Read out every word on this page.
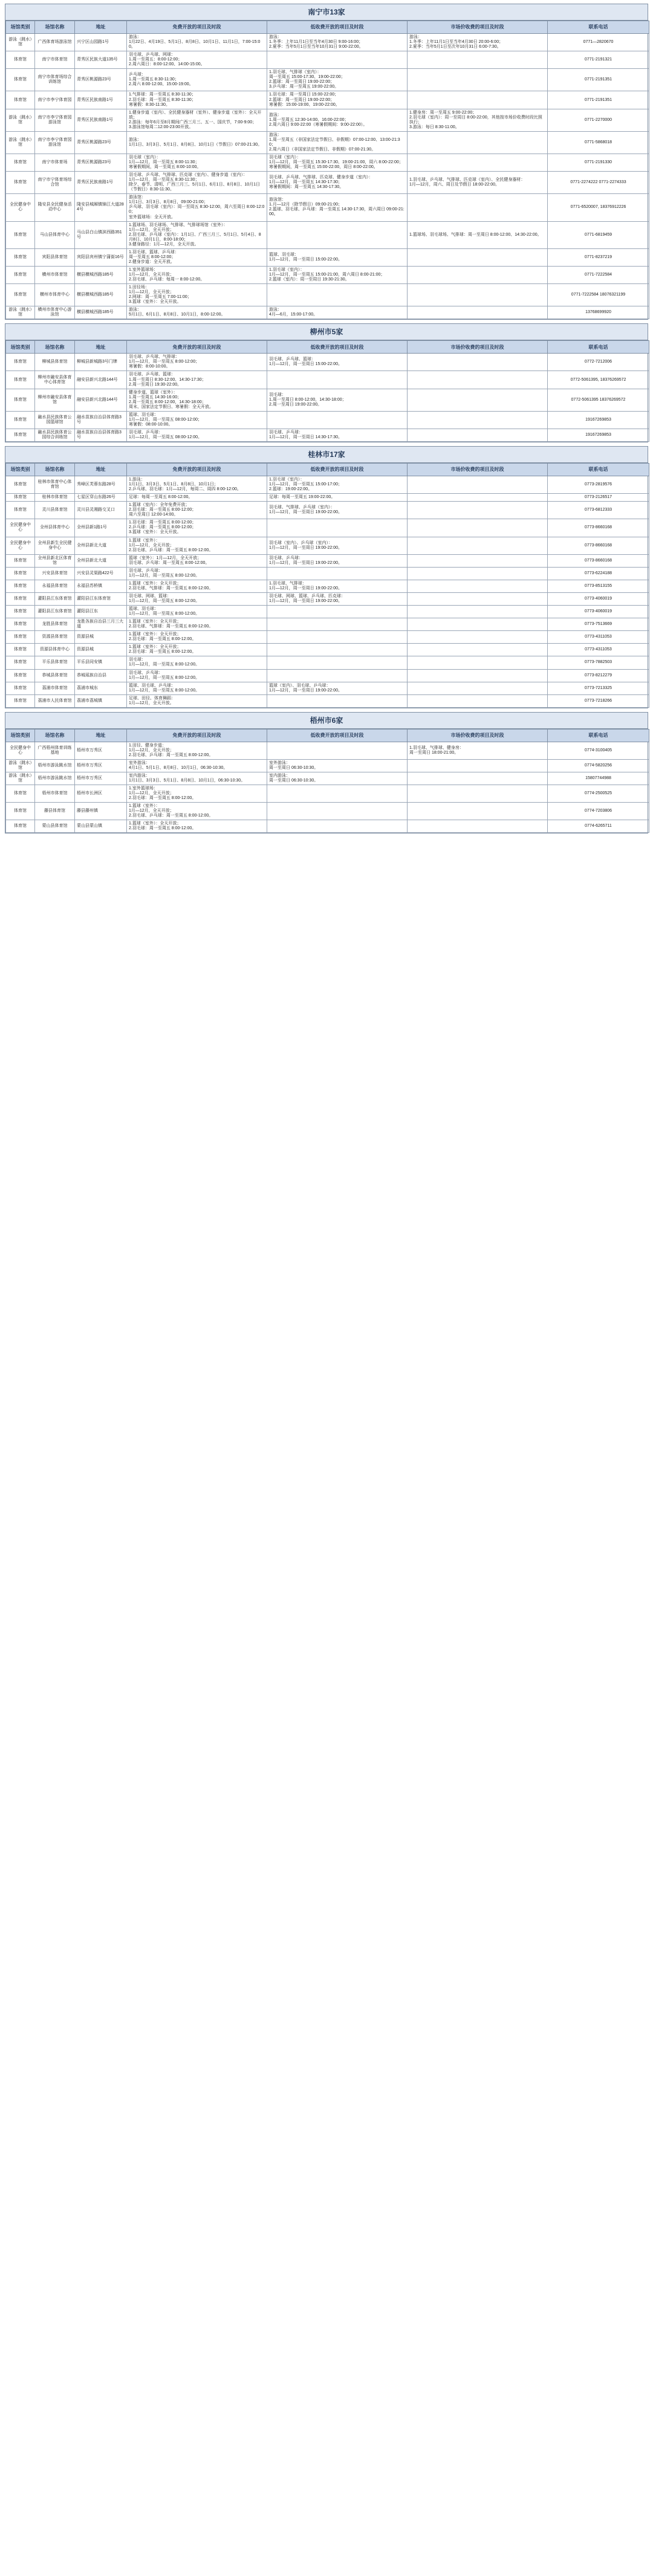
南宁市13家
场馆类别	场馆名称	地址	免费开放的项目及时段	低收费开放的项目及时段	市场价收费的项目及时段	联系电话
游泳（跳水）馆	广西体育场游泳馆	兴宁区山园路1号	游泳：
1月22日、4月19日、5月1日、8月8日、10月1日、11月1日，7:00-15:00。	游泳：
1.冬季：上年11月1日至当年4月30日 9:00-16:00；
2.夏季：当年5月1日至当年10月31日 9:00-22:00。	游泳：
1.冬季：上年11月1日至当年4月30日 20:00-6:00；
2.夏季：当年5月1日至次年10月31日 6:00-7:30。	0771—2820670
体育馆	南宁市体育馆	青秀区民族大道135号	羽毛球、乒乓球、网球：
1.周一至周五：8:00-12:00；
2.周六周日：8:00-12:00、14:00-15:00。			0771-2191321
体育馆	南宁市体育场综合训练馆	青秀区桃源路23号	乒乓球：
1.周一至周五 8:30-11:30；
2.周六 8:00-12:00、15:00-19:00。	1.羽毛球、气排球（室内）：
周一至周五 15:00-17:30、19:00-22:00；
2.篮球：周一至周日 19:00-22:00；
3.乒乓球：周一至周五 19:00-22:00。		0771-2191351
体育馆	南宁市李宁体育园	青秀区民族南路1号	1.气排球：周一至周五 8:30-11:30；
2.羽毛球：周一至周五 8:30-11:30；
寒暑假：8:30-11:30。	1.羽毛球：周一至周日 15:00-22:00；
2.篮球：周一至周日 19:00-22:00；
寒暑假：15:00-19:00、19:00-22:00。		0771-2191351
游泳（跳水）馆	南宁市李宁体育园游泳馆	青秀区民族南路1号	1.健身步道（室内）、全民健身器材（室外）、健身步道（室外）：全天开放；
2.游泳：每年6月至8月期间广西三月三、五一、国庆节，7:00-9:00；
3.游泳馆每周二12:00-23:00开放。	游泳：
1.周一至周五 12:30-14:00、16:00-22:00；
2.周六周日 9:00-22:00（寒暑假期间：9:00-22:00）。	1.健身房：周一至周五 9:00-22:00；
2.羽毛球（室内）：周一至周日 8:00-22:00，其他按市场价收费时段比照执行；
3.游泳：每日 8:30-11:00。	0771-2270000
游泳（跳水）馆	南宁市李宁体育园游泳馆	青秀区桃源路23号	游泳：
1月1日、3月3日、5月1日、8月8日、10月1日（节假日）07:00-21:30。	游泳：
1.周一至周五（非国家法定节假日、非假期）07:00-12:00、13:00-21:30；
2.周六周日（非国家法定节假日、非假期）07:00-21:30。		0771-5868018
体育馆	南宁市体育场	青秀区桃源路23号	羽毛球（室内）：
1月—12月，周一至周五 8:00-11:30；
寒暑假期间，周一至周五 8:00-10:00。	羽毛球（室内）：
1月—12月，周一至周五 15:30-17:30、19:00-21:00，周六 8:00-22:00；
寒暑假期间，周一至周五 15:00-22:00，周日 8:00-22:00。		0771-2191330
体育馆	南宁市宁体育场综合馆	青秀区民族南路1号	羽毛球、乒乓球、气排球、匹克球（室内）、健身步道（室内）：
1月—12月，周一至周五 8:30-11:30；
除夕、春节、清明、广西三月三、5月1日、6月1日、8月8日、10月1日（节假日）8:30-11:30。	羽毛球、乒乓球、气排球、匹克球、健身步道（室内）：
1月—12月，周一至周五 14:30-17:30；
寒暑假期间：周一至周五 14:30-17:30。	1.羽毛球、乒乓球、气排球、匹克球（室内）、全民健身器材：
1月—12月，周六、周日及节假日 18:00-22:00。	0771-2274222 0771-2274333
全民健身中心	隆安县全民健身活动中心	隆安县城厢镇锦江大道284号	游泳馆：
1月1日、3月3日、8月8日，09:00-21:00；
乒乓球、羽毛球（室内）：周一至周五 8:30-12:00，周六至周日 8:00-12:00；
室外篮球场：全天开放。	游泳馆：
1.月—12月（除节假日）09:00-21:00；
2.篮球、羽毛球、乒乓球：周一至周五 14:30-17:30，周六周日 09:00-21:00。		0771-6520007, 18376912226
体育馆	马山县体育中心	马山县白山镇滨西路351号	1.篮球场、羽毛球场、气排球、气排球场馆（室外）：
1月—12月，全天开放；
2.羽毛球、乒乓球（室内）：1月1日、广西三月三、5月1日、5月4日、8月8日、10月1日，8:00-18:00；
3.健身路径：1月—12月，全天开放。		1.篮球场、羽毛球场、气排球：周一至周日 8:00-12:00、14:30-22:00。	0771-6819459
体育馆	宾阳县体育馆	宾阳县宾州镇宁蒲街16号	1.羽毛球、篮球、乒乓球：
周一至周五 8:00-12:00；
2.健身步道：全天开放。	篮球、羽毛球：
1月—12月，周一至周日 15:00-22:00。		0771-8237219
体育馆	横州市体育馆	横县横城西路185号	1.室外篮球场：
1月—12月，全天开放；
2.羽毛球、乒乓球：每周一 8:00-12:00。	1.羽毛球（室内）：
1月—12月，周一至周五 15:00-21:00，周六周日 8:00-21:00；
2.篮球（室内）：周一至周日 19:30-21:30。		0771-7222584
体育馆	横州市体育中心	横县横城西路185号	1.田径场：
1月—12月，全天开放；
2.网球：周一至周五 7:00-11:00；
3.篮球（室外）：全天开放。			0771-7222584 18076321199
游泳（跳水）馆	横州市体育中心游泳馆	横县横城西路185号	游泳：
5月1日、6月1日、8月8日、10月1日，8:00-12:00。	游泳：
4月—6月，15:00-17:00。		13768699920
柳州市5家
场馆类别	场馆名称	地址	免费开放的项目及时段	低收费开放的项目及时段	市场价收费的项目及时段	联系电话
体育馆	柳城县体育馆	柳城县新城路3号门牌	羽毛球、乒乓球、气排球：
1月—12月，周一至周五 8:00-12:00；
寒暑假：8:00-10:00。	羽毛球、乒乓球、篮球：
1月—12月，周一至周日 15:00-22:00。		0772-7212006
体育馆	柳州市融安县体育中心体育馆	融安县新兴北路144号	羽毛球、乒乓球、篮球：
1.周一至周日 8:30-12:00、14:30-17:30；
2.周一至周日 19:30-22:00。			0772-5061395, 18376269572
体育馆	柳州市融安县体育馆	融安县新兴北路144号	健身步道、篮球（室外）：
1.周一至周五 14:30-16:00；
2.周一至周五 8:00-12:00，14:30-18:00；
周末、国家法定节假日、寒暑假：全天开放。	羽毛球：
1.周一至周日 8:00-12:00，14:30-18:00；
2.周一至周日 19:00-22:00。		0772-5061395 18376269572
体育馆	融水县民族体育公园篮球馆	融水苗族自治县体育路3号	篮球、羽毛球：
1月—12月，周一至周五 08:00-12:00；
寒暑假：08:00-10:00。			19167269853
体育馆	融水县民族体育公园综合训练馆	融水苗族自治县体育路3号	羽毛球、乒乓球：
1月—12月，周一至周五 08:00-12:00。	羽毛球、乒乓球：
1月—12月，周一至周日 14:30-17:30。		19167269853
桂林市17家
场馆类别	场馆名称	地址	免费开放的项目及时段	低收费开放的项目及时段	市场价收费的项目及时段	联系电话
体育馆	桂林市体育中心体育馆	秀峰区芙蓉东路28号	1.游泳：
1月1日、3月3日、5月1日、8月8日、10月1日；
2.乒乓球、羽毛球：1月—12月，每周二、周四 8:00-12:00。	1.羽毛球（室内）：
1月—12月，周一至周五 15:00-17:00；
2.篮球：19:00-22:00。		0773-2819576
体育馆	桂林市体育馆	七星区穿山东路26号	足球：每周一至周五 8:00-12:00。	足球：每周一至周五 19:00-22:00。		0773-2126517
体育馆	灵川县体育馆	灵川县灵湘路交叉口	1.篮球（室内）：全年免费开放；
2.羽毛球：周一至周五 8:00-12:00；
周六至周日 12:00-14:00。	羽毛球、气排球、乒乓球（室内）：
1月—12月，周一至周日 19:00-22:00。		0773-6812333
全民健身中心	全州县体育中心	全州县新1路1号	1.羽毛球：周一至周五 8:00-12:00；
2.乒乓球：周一至周五 8:00-12:00；
3.篮球（室外）：全天开放。			0773-8660168
全民健身中心	全州县新生全民健身中心	全州县新北大道	1.篮球（室外）：
1月—12月，全天开放；
2.羽毛球、乒乓球：周一至周五 8:00-12:00。	羽毛球（室内）、乒乓球（室内）：
1月—12月，周一至周日 19:00-22:00。		0773-8660168
体育馆	全州县新北区体育馆	全州县新北大道	篮球（室外）：1月—12月，全天开放；
羽毛球、乒乓球：周一至周五 8:00-12:00。	羽毛球、乒乓球：
1月—12月，周一至周日 19:00-22:00。		0773-8660168
体育馆	兴安县体育馆	兴安县灵渠路422号	羽毛球、乒乓球：
1月—12月，周一至周五 8:00-12:00。			0773-6224188
体育馆	永福县体育馆	永福县苏桥镇	1.篮球（室外）：全天开放；
2.羽毛球、气排球：周一至周五 8:00-12:00。	1.羽毛球、气排球：
1月—12月，周一至周日 19:00-22:00。		0773-8513155
体育馆	灌阳县江东体育馆	灌阳县江东体育馆	羽毛球、网球、篮球：
1月—12月，周一至周五 8:00-12:00。	羽毛球、网球、篮球、乒乓球、匹克球：
1月—12月，周一至周日 19:00-22:00。		0773-4060019
体育馆	灌阳县江东体育馆	灌阳县江东	篮球、羽毛球：
1月—12月，周一至周五 8:00-12:00。			0773-4060019
体育馆	龙胜县体育馆	龙胜各族自治县三月三大道	1.篮球（室外）：全天开放；
2.羽毛球、气排球：周一至周五 8:00-12:00。			0773-7513669
体育馆	资源县体育馆	资源县城	1.篮球（室外）：全天开放；
2.羽毛球：周一至周五 8:00-12:00。			0773-4311053
体育馆	资源县体育中心	资源县城	1.篮球（室外）：全天开放；
2.羽毛球：周一至周五 8:00-12:00。			0773-4311053
体育馆	平乐县体育馆	平乐县同安镇	羽毛球：
1月—12月，周一至周五 8:00-12:00。			0773-7882503
体育馆	恭城县体育馆	恭城瑶族自治县	羽毛球、乒乓球：
1月—12月，周一至周五 8:00-12:00。			0773-8212279
体育馆	荔浦市体育馆	荔浦市城东	篮球、羽毛球、乒乓球：
1月—12月，周一至周五 8:00-12:00。	篮球（室内）、羽毛球、乒乓球：
1月—12月，周一至周日 19:00-22:00。		0773-7213325
体育馆	荔浦市人民体育馆	荔浦市荔城镇	足球、田径、体育舞蹈：
1月—12月，全天开放。			0773-7218266
梧州市6家
场馆类别	场馆名称	地址	免费开放的项目及时段	低收费开放的项目及时段	市场价收费的项目及时段	联系电话
全民健身中心	广西梧州体育训练基地	梧州市万秀区	1.田径、健身步道：
1月—12月，全天开放；
2.羽毛球、乒乓球：周一至周五 8:00-12:00。		1.羽毛球、气排球、健身房：
周一至周日 18:00-21:00。	0774-3100405
游泳（跳水）馆	梧州市游泳跳水馆	梧州市万秀区	室外游泳：
4月1日、5月1日、8月8日、10月1日，06:30-10:30。	室外游泳：
周一至周日 06:30-10:30。		0774-5820256
游泳（跳水）馆	梧州市游泳跳水馆	梧州市万秀区	室内游泳：
1月1日、3月3日、5月1日、8月8日、10月1日，06:30-10:30。	室内游泳：
周一至周日 06:30-10:30。		15807744988
体育馆	梧州市体育馆	梧州市长洲区	1.室外篮球场：
1月—12月，全天开放；
2.羽毛球：周一至周五 8:00-12:00。			0774-2500525
体育馆	藤县体育馆	藤县藤州镇	1.篮球（室外）：
1月—12月，全天开放；
2.羽毛球、乒乓球：周一至周五 8:00-12:00。			0774-7203806
体育馆	蒙山县体育馆	蒙山县蒙山镇	1.篮球（室外）：全天开放；
2.羽毛球：周一至周五 8:00-12:00。			0774-6265711
